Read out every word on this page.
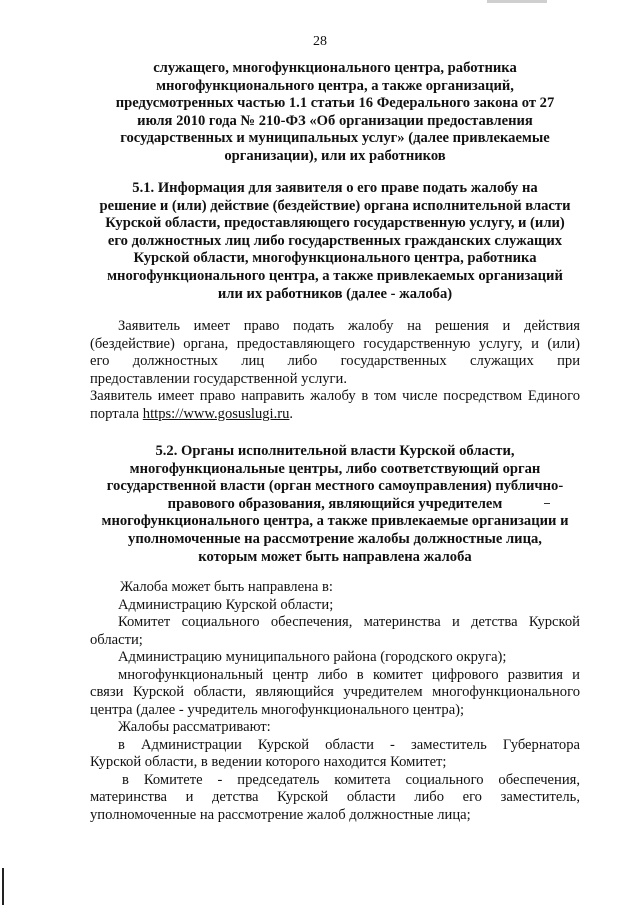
28

служащего, многофункционального центра, работника
многофункционального центра, а также организаций,
предусмотренных частью 1.1 статьи 16 Федерального закона от 27
июля 2010 года № 210-ФЗ «Об организации предоставления
государственных и муниципальных услуг» (далее привлекаемые
организации), или их работников

5.1. Информация для заявителя о его праве подать жалобу на
решение и (или) действие (бездействие) органа исполнительной власти
Курской области, предоставляющего государственную услугу, и (или)
его должностных лиц либо государственных гражданских служащих
Курской области, многофункционального центра, работника
многофункционального центра, а также привлекаемых организаций
или их работников (далее - жалоба)

Заявитель имеет право подать жалобу на решения и действия
(бездействие) органа, предоставляющего государственную услугу, и (или)
его должностных лиц либо государственных служащих при
предоставлении государственной услуги.
Заявитель имеет право направить жалобу в том числе посредством Единого
портала https://www.gosuslugi.ru.

5.2. Органы исполнительной власти Курской области,
многофункциональные центры, либо соответствующий орган
государственной власти (орган местного самоуправления) публично-
правового образования, являющийся учредителем
многофункционального центра, а также привлекаемые организации и
уполномоченные на рассмотрение жалобы должностные лица,
которым может быть направлена жалоба

Жалоба может быть направлена в:
Администрацию Курской области;
Комитет социального обеспечения, материнства и детства Курской
области;
Администрацию муниципального района (городского округа);
многофункциональный центр либо в комитет цифрового развития и
связи Курской области, являющийся учредителем многофункционального
центра (далее - учредитель многофункционального центра);
Жалобы рассматривают:
в Администрации Курской области - заместитель Губернатора
Курской области, в ведении которого находится Комитет;
в Комитете - председатель комитета социального обеспечения,
материнства и детства Курской области либо его заместитель,
уполномоченные на рассмотрение жалоб должностные лица;
